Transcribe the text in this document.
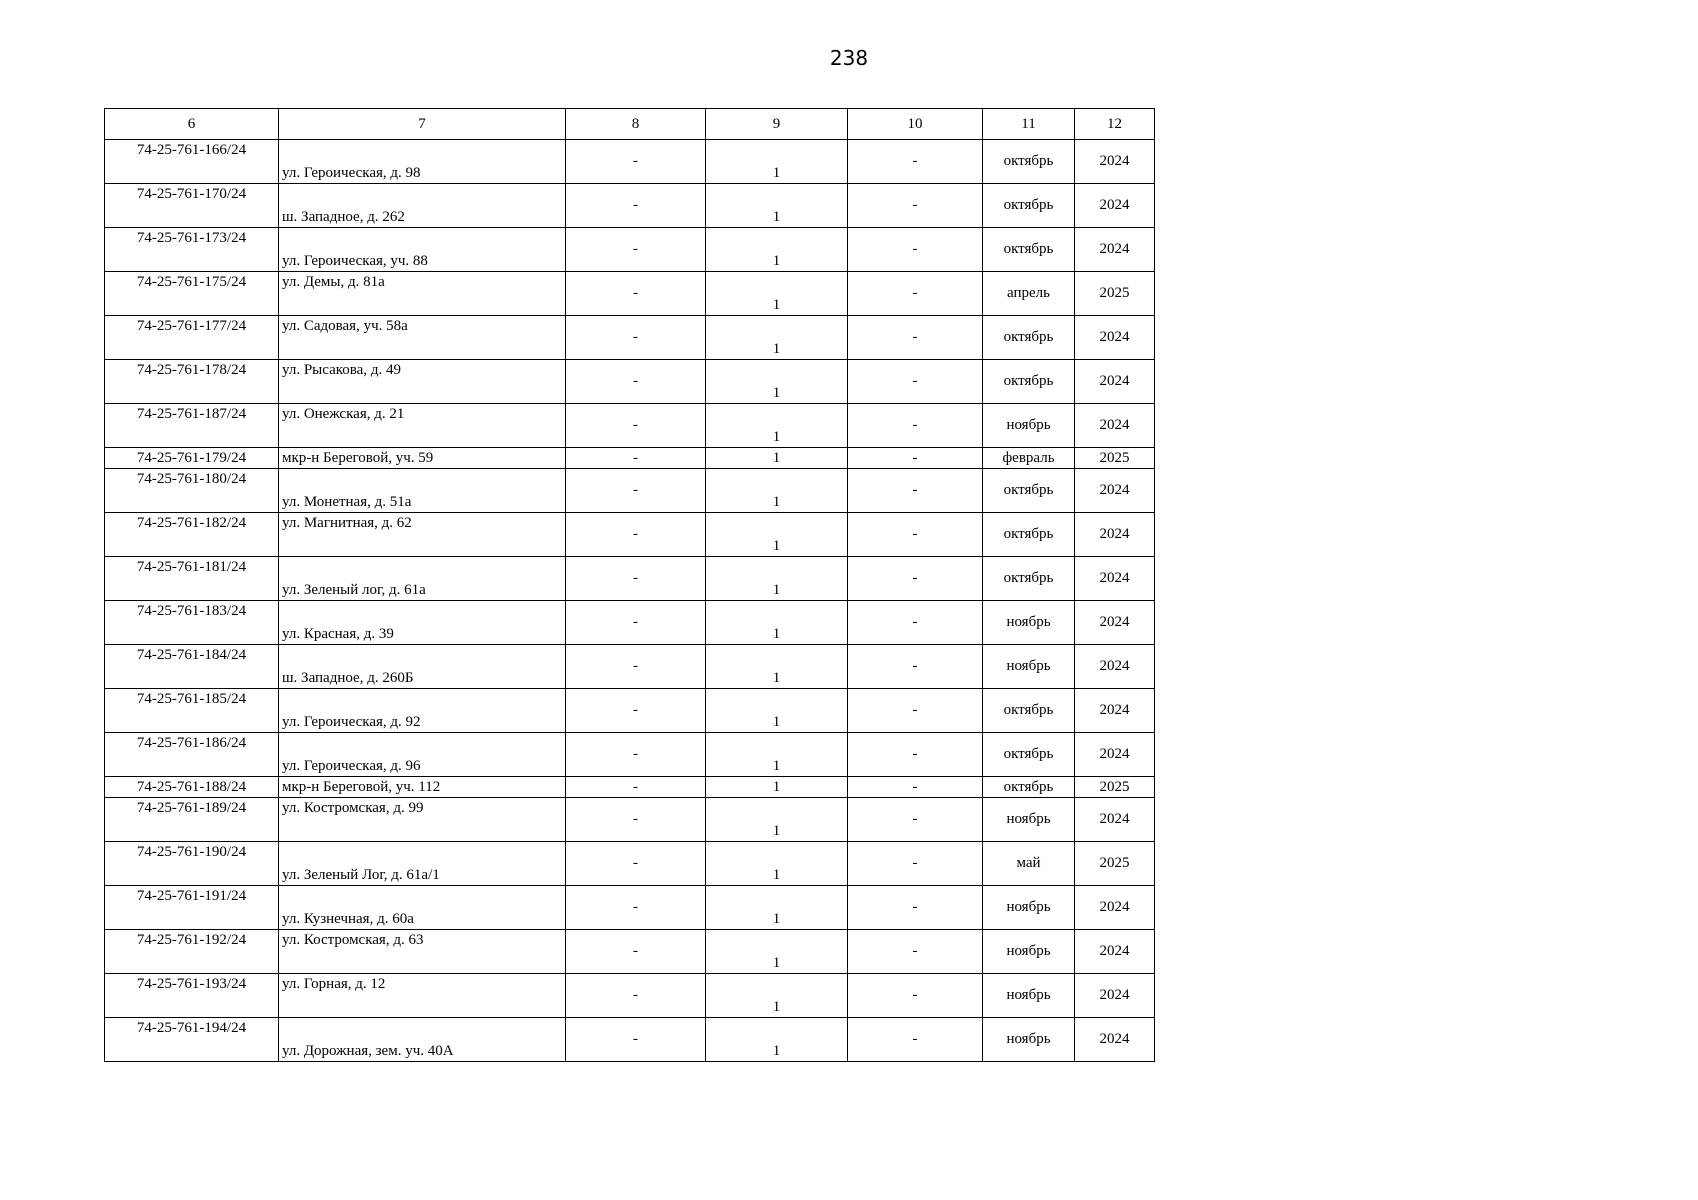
238
6	7	8	9	10	11	12
74-25-761-166/24	ул. Героическая, д. 98	-	1	-	октябрь	2024
74-25-761-170/24	ш. Западное, д. 262	-	1	-	октябрь	2024
74-25-761-173/24	ул. Героическая, уч. 88	-	1	-	октябрь	2024
74-25-761-175/24	ул. Демы, д. 81а	-	1	-	апрель	2025
74-25-761-177/24	ул. Садовая, уч. 58а	-	1	-	октябрь	2024
74-25-761-178/24	ул. Рысакова, д. 49	-	1	-	октябрь	2024
74-25-761-187/24	ул. Онежская, д. 21	-	1	-	ноябрь	2024
74-25-761-179/24	мкр-н Береговой, уч. 59	-	1	-	февраль	2025
74-25-761-180/24	ул. Монетная, д. 51а	-	1	-	октябрь	2024
74-25-761-182/24	ул. Магнитная, д. 62	-	1	-	октябрь	2024
74-25-761-181/24	ул. Зеленый лог, д. 61а	-	1	-	октябрь	2024
74-25-761-183/24	ул. Красная, д. 39	-	1	-	ноябрь	2024
74-25-761-184/24	ш. Западное, д. 260Б	-	1	-	ноябрь	2024
74-25-761-185/24	ул. Героическая, д. 92	-	1	-	октябрь	2024
74-25-761-186/24	ул. Героическая, д. 96	-	1	-	октябрь	2024
74-25-761-188/24	мкр-н Береговой, уч. 112	-	1	-	октябрь	2025
74-25-761-189/24	ул. Костромская, д. 99	-	1	-	ноябрь	2024
74-25-761-190/24	ул. Зеленый Лог, д. 61а/1	-	1	-	май	2025
74-25-761-191/24	ул. Кузнечная, д. 60а	-	1	-	ноябрь	2024
74-25-761-192/24	ул. Костромская, д. 63	-	1	-	ноябрь	2024
74-25-761-193/24	ул. Горная, д. 12	-	1	-	ноябрь	2024
74-25-761-194/24	ул. Дорожная, зем. уч. 40А	-	1	-	ноябрь	2024
